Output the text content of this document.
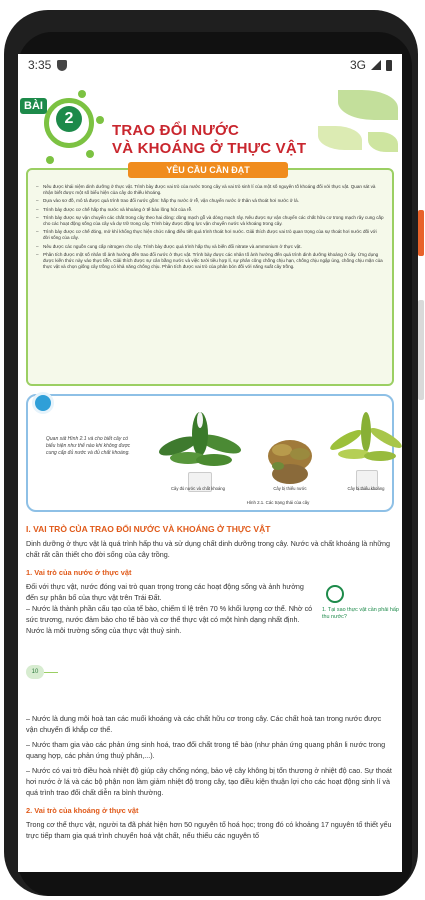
3:35	3G
2
BÀI
TRAO ĐỔI NƯỚC
VÀ KHOÁNG Ở THỰC VẬT
YÊU CẦU CẦN ĐẠT
– Nêu được khái niệm dinh dưỡng ở thực vật. Trình bày được vai trò của nước trong cây và vai trò sinh lí của một số nguyên tố khoáng đối với thực vật. Quan sát và nhận biết được một số biểu hiện của cây do thiếu khoáng.
– Dựa vào sơ đồ, mô tả được quá trình trao đổi nước gồm: hấp thụ nước ở rễ, vận chuyển nước ở thân và thoát hơi nước ở lá.
– Trình bày được cơ chế hấp thụ nước và khoáng ở tế bào lông hút của rễ.
– Trình bày được sự vận chuyển các chất trong cây theo hai dòng: dòng mạch gỗ và dòng mạch rây. Nêu được sự vận chuyển các chất hữu cơ trong mạch rây cung cấp cho các hoạt động sống của cây và dự trữ trong cây. Trình bày được động lực vận chuyển nước và khoáng trong cây.
– Trình bày được cơ chế đóng, mở khí khổng thực hiện chức năng điều tiết quá trình thoát hơi nước. Giải thích được vai trò quan trọng của sự thoát hơi nước đối với đời sống của cây.
– Nêu được các nguồn cung cấp nitrogen cho cây. Trình bày được quá trình hấp thụ và biến đổi nitrate và ammonium ở thực vật.
– Phân tích được một số nhân tố ảnh hưởng đến trao đổi nước ở thực vật. Trình bày được các nhân tố ảnh hưởng đến quá trình dinh dưỡng khoáng ở cây. Ứng dụng được kiến thức này vào thực tiễn. Giải thích được sự cân bằng nước và việc tưới tiêu hợp lí, sự phân công chống chịu hạn, chống chịu ngập úng, chống chịu mặn của thực vật và chọn giống cây trồng có khả năng chống chịu. Phân tích được vai trò của phân bón đối với năng suất cây trồng.
Quan sát Hình 2.1 và cho biết cây có biểu hiện như thế nào khi không được cung cấp đủ nước và đủ chất khoáng.
Cây đủ nước và chất khoáng	Cây bị thiếu nước	Cây bị thiếu khoáng
Hình 2.1. Các trạng thái của cây
I. VAI TRÒ CỦA TRAO ĐỔI NƯỚC VÀ KHOÁNG Ở THỰC VẬT
Dinh dưỡng ở thực vật là quá trình hấp thu và sử dụng chất dinh dưỡng trong cây. Nước và chất khoáng là những chất rất cần thiết cho đời sống của cây trồng.
1. Vai trò của nước ở thực vật
Đối với thực vật, nước đóng vai trò quan trọng trong các hoạt động sống và ảnh hưởng đến sự phân bố của thực vật trên Trái Đất.
– Nước là thành phần cấu tạo của tế bào, chiếm tỉ lệ trên 70 % khối lượng cơ thể. Nhờ có sức trương, nước đảm bảo cho tế bào và cơ thể thực vật có một hình dạng nhất định. Nước là môi trường sống của thực vật thuỷ sinh.
1. Tại sao thực vật cần phải hấp thu nước?
10
– Nước là dung môi hoà tan các muối khoáng và các chất hữu cơ trong cây. Các chất hoà tan trong nước được vận chuyển đi khắp cơ thể.
– Nước tham gia vào các phản ứng sinh hoá, trao đổi chất trong tế bào (như phản ứng quang phân li nước trong quang hợp, các phản ứng thuỷ phân,...).
– Nước có vai trò điều hoà nhiệt độ giúp cây chống nóng, bảo vệ cây không bị tổn thương ở nhiệt độ cao. Sự thoát hơi nước ở lá và các bộ phận non làm giảm nhiệt độ trong cây, tạo điều kiện thuận lợi cho các hoạt động sinh lí và quá trình trao đổi chất diễn ra bình thường.
2. Vai trò của khoáng ở thực vật
Trong cơ thể thực vật, người ta đã phát hiện hơn 50 nguyên tố hoá học; trong đó có khoảng 17 nguyên tố thiết yếu trực tiếp tham gia quá trình chuyển hoá vật chất, nếu thiếu các nguyên tố
